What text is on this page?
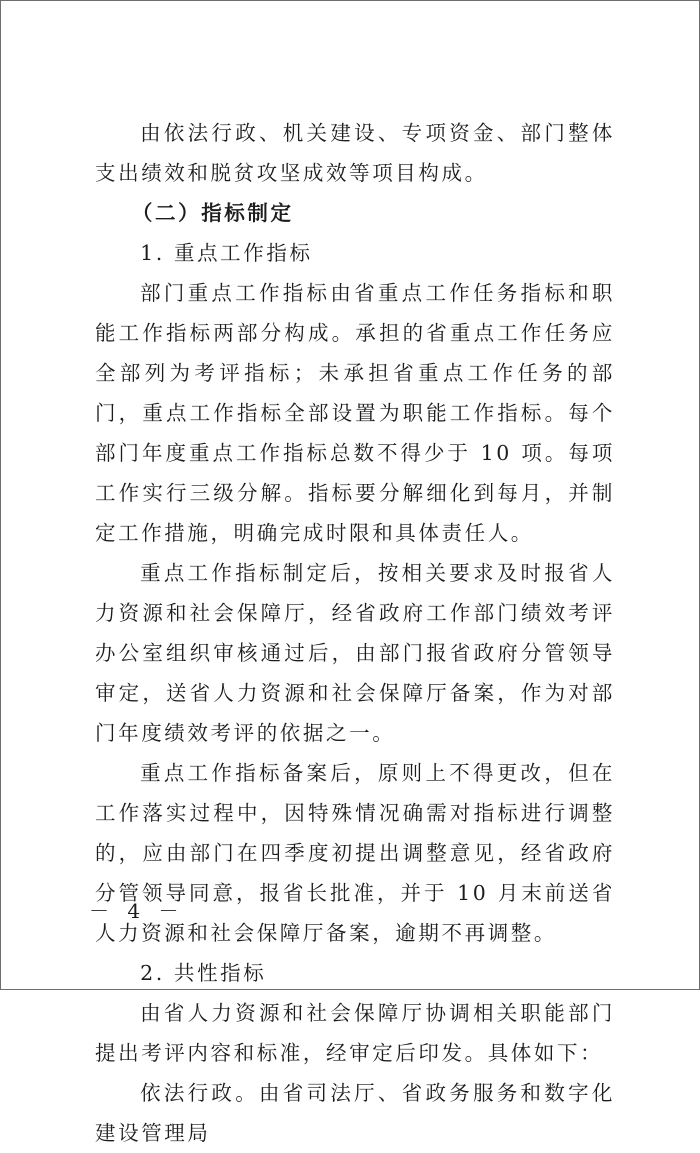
由依法行政、机关建设、专项资金、部门整体支出绩效和脱贫攻坚成效等项目构成。

（二）指标制定

1. 重点工作指标

部门重点工作指标由省重点工作任务指标和职能工作指标两部分构成。承担的省重点工作任务应全部列为考评指标；未承担省重点工作任务的部门，重点工作指标全部设置为职能工作指标。每个部门年度重点工作指标总数不得少于 10 项。每项工作实行三级分解。指标要分解细化到每月，并制定工作措施，明确完成时限和具体责任人。

重点工作指标制定后，按相关要求及时报省人力资源和社会保障厅，经省政府工作部门绩效考评办公室组织审核通过后，由部门报省政府分管领导审定，送省人力资源和社会保障厅备案，作为对部门年度绩效考评的依据之一。

重点工作指标备案后，原则上不得更改，但在工作落实过程中，因特殊情况确需对指标进行调整的，应由部门在四季度初提出调整意见，经省政府分管领导同意，报省长批准，并于 10 月末前送省人力资源和社会保障厅备案，逾期不再调整。

2. 共性指标

由省人力资源和社会保障厅协调相关职能部门提出考评内容和标准，经审定后印发。具体如下：

依法行政。由省司法厅、省政务服务和数字化建设管理局

－ 4 －
